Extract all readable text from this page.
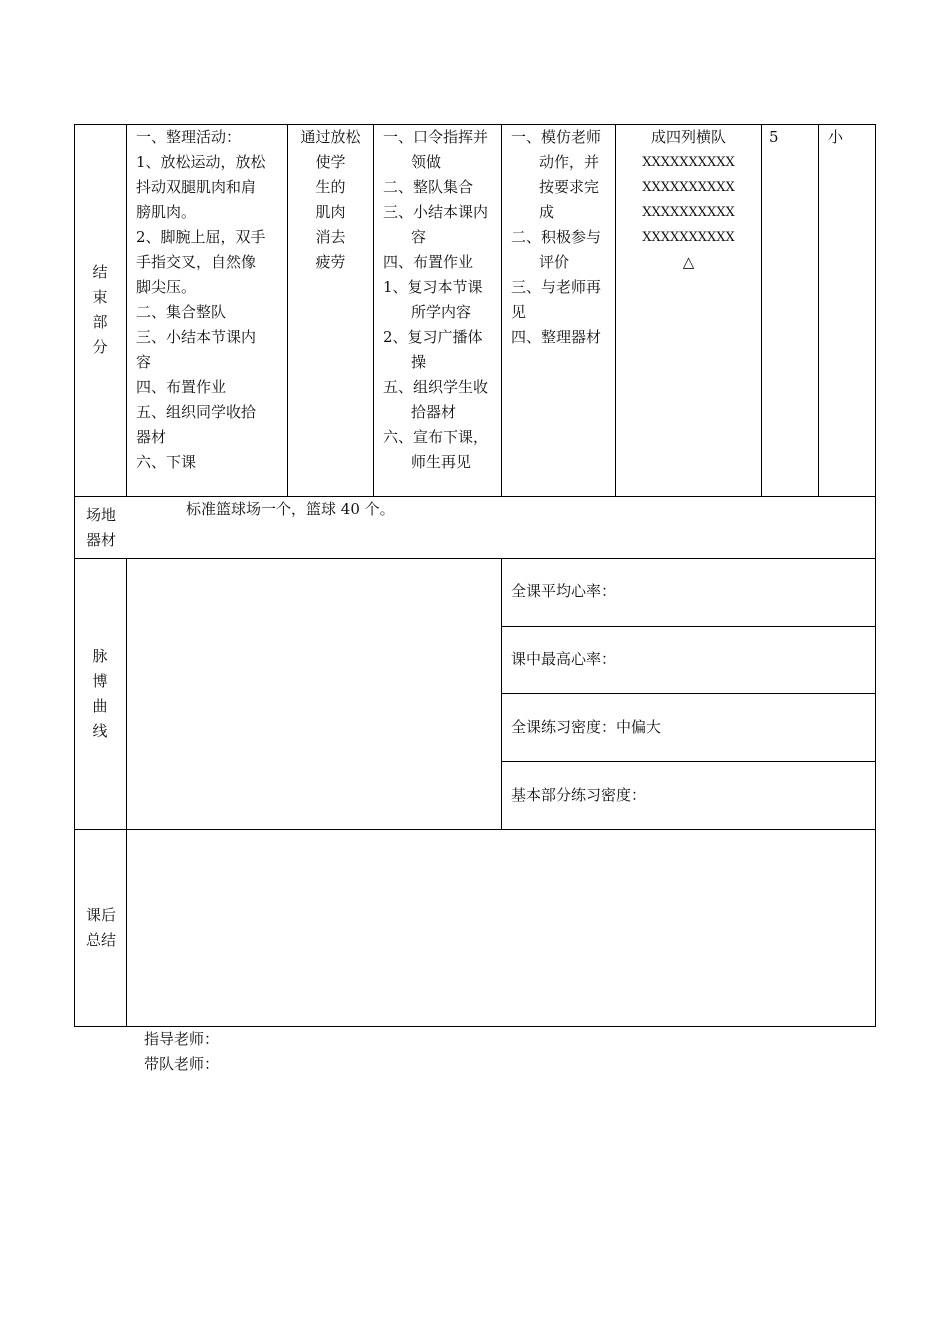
结束部分

一、整理活动：

1、放松运动，放松

抖动双腿肌肉和肩

膀肌肉。

2、脚腕上屈，双手

手指交叉，自然像

脚尖压。

二、集合整队

三、小结本节课内

容

四、布置作业

五、组织同学收拾

器材

六、下课

通过放松

使学

生的

肌肉

消去

疲劳

一、口令指挥并

领做

二、整队集合

三、小结本课内

容

四、布置作业

1、复习本节课

所学内容

2、复习广播体

操

五、组织学生收

拾器材

六、宣布下课，

师生再见

一、模仿老师

动作，并

按要求完

成

二、积极参与

评价

三、与老师再

见

四、整理器材

成四列横队

XXXXXXXXXX

XXXXXXXXXX

XXXXXXXXXX

XXXXXXXXXX

△

5	小
场地器材
标准篮球场一个，篮球 40 个。
脉博曲线
全课平均心率：
课中最高心率：
全课练习密度：中偏大
基本部分练习密度：
课后总结
指导老师：
带队老师：
